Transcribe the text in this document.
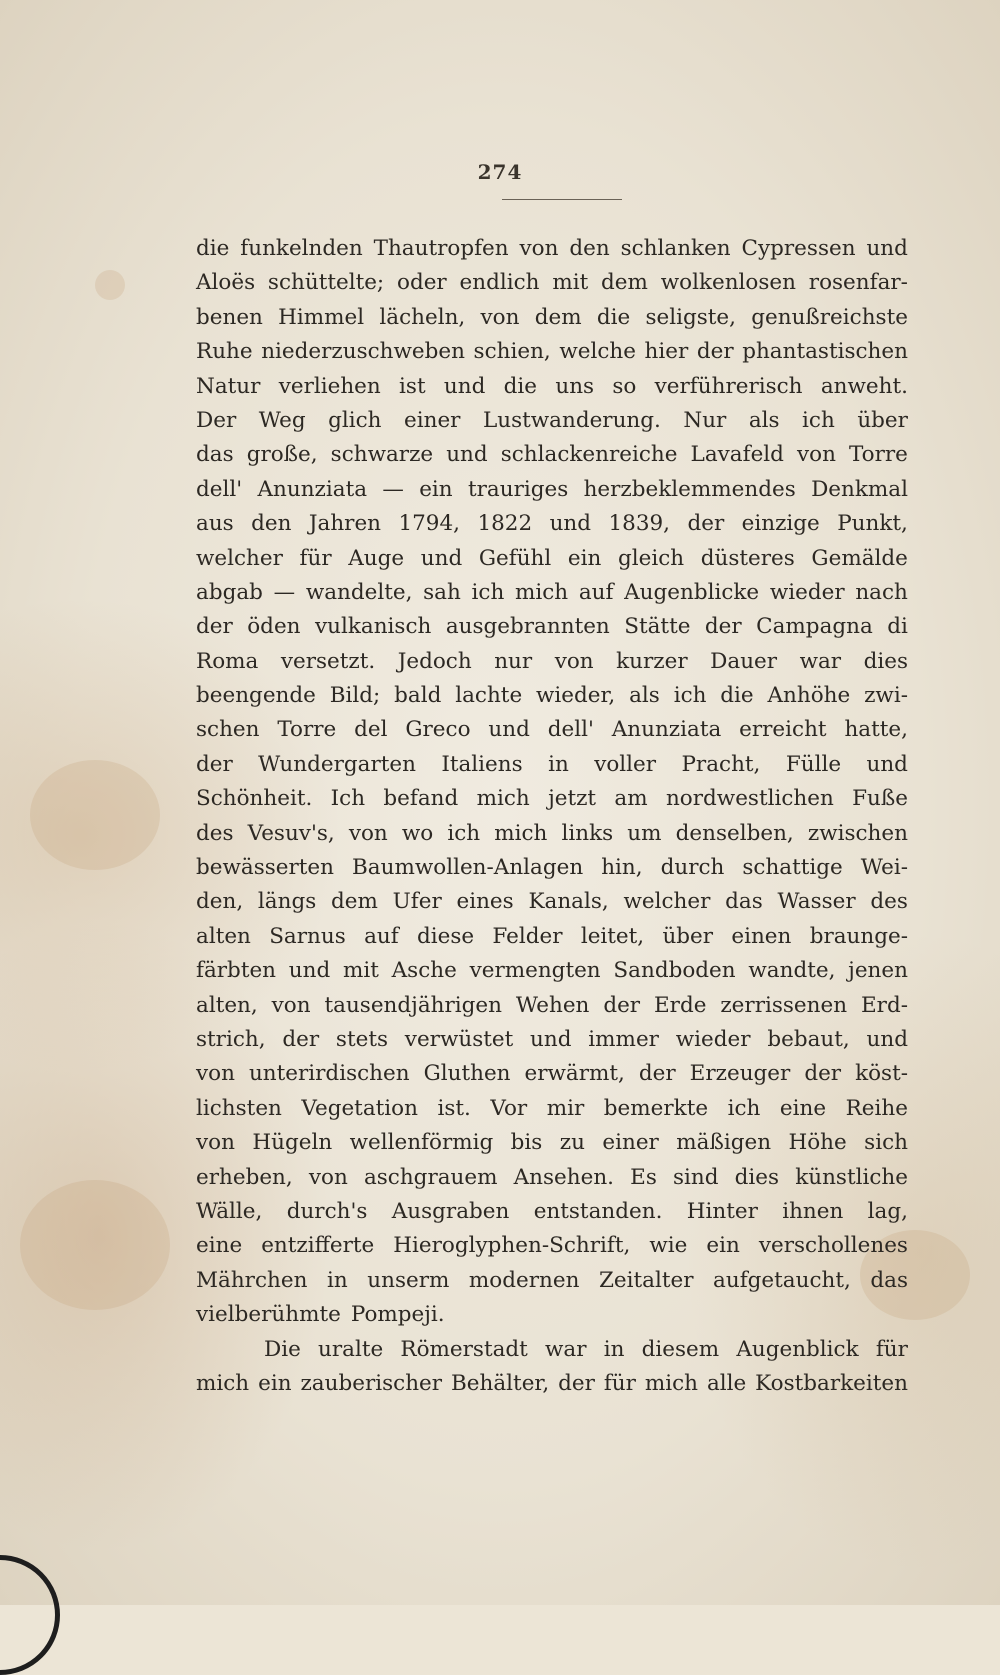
274
die funkelnden Thautropfen von den schlanken Cypressen und
Aloës schüttelte; oder endlich mit dem wolkenlosen rosenfar-
benen Himmel lächeln, von dem die seligste, genußreichste
Ruhe niederzuschweben schien, welche hier der phantastischen
Natur verliehen ist und die uns so verführerisch anweht.
Der Weg glich einer Lustwanderung. Nur als ich über
das große, schwarze und schlackenreiche Lavafeld von Torre
dell' Anunziata — ein trauriges herzbeklemmendes Denkmal
aus den Jahren 1794, 1822 und 1839, der einzige Punkt,
welcher für Auge und Gefühl ein gleich düsteres Gemälde
abgab — wandelte, sah ich mich auf Augenblicke wieder nach
der öden vulkanisch ausgebrannten Stätte der Campagna di
Roma versetzt. Jedoch nur von kurzer Dauer war dies
beengende Bild; bald lachte wieder, als ich die Anhöhe zwi-
schen Torre del Greco und dell' Anunziata erreicht hatte,
der Wundergarten Italiens in voller Pracht, Fülle und
Schönheit. Ich befand mich jetzt am nordwestlichen Fuße
des Vesuv's, von wo ich mich links um denselben, zwischen
bewässerten Baumwollen-Anlagen hin, durch schattige Wei-
den, längs dem Ufer eines Kanals, welcher das Wasser des
alten Sarnus auf diese Felder leitet, über einen braunge-
färbten und mit Asche vermengten Sandboden wandte, jenen
alten, von tausendjährigen Wehen der Erde zerrissenen Erd-
strich, der stets verwüstet und immer wieder bebaut, und
von unterirdischen Gluthen erwärmt, der Erzeuger der köst-
lichsten Vegetation ist. Vor mir bemerkte ich eine Reihe
von Hügeln wellenförmig bis zu einer mäßigen Höhe sich
erheben, von aschgrauem Ansehen. Es sind dies künstliche
Wälle, durch's Ausgraben entstanden. Hinter ihnen lag,
eine entzifferte Hieroglyphen-Schrift, wie ein verschollenes
Mährchen in unserm modernen Zeitalter aufgetaucht, das
vielberühmte Pompeji.
Die uralte Römerstadt war in diesem Augenblick für
mich ein zauberischer Behälter, der für mich alle Kostbarkeiten
